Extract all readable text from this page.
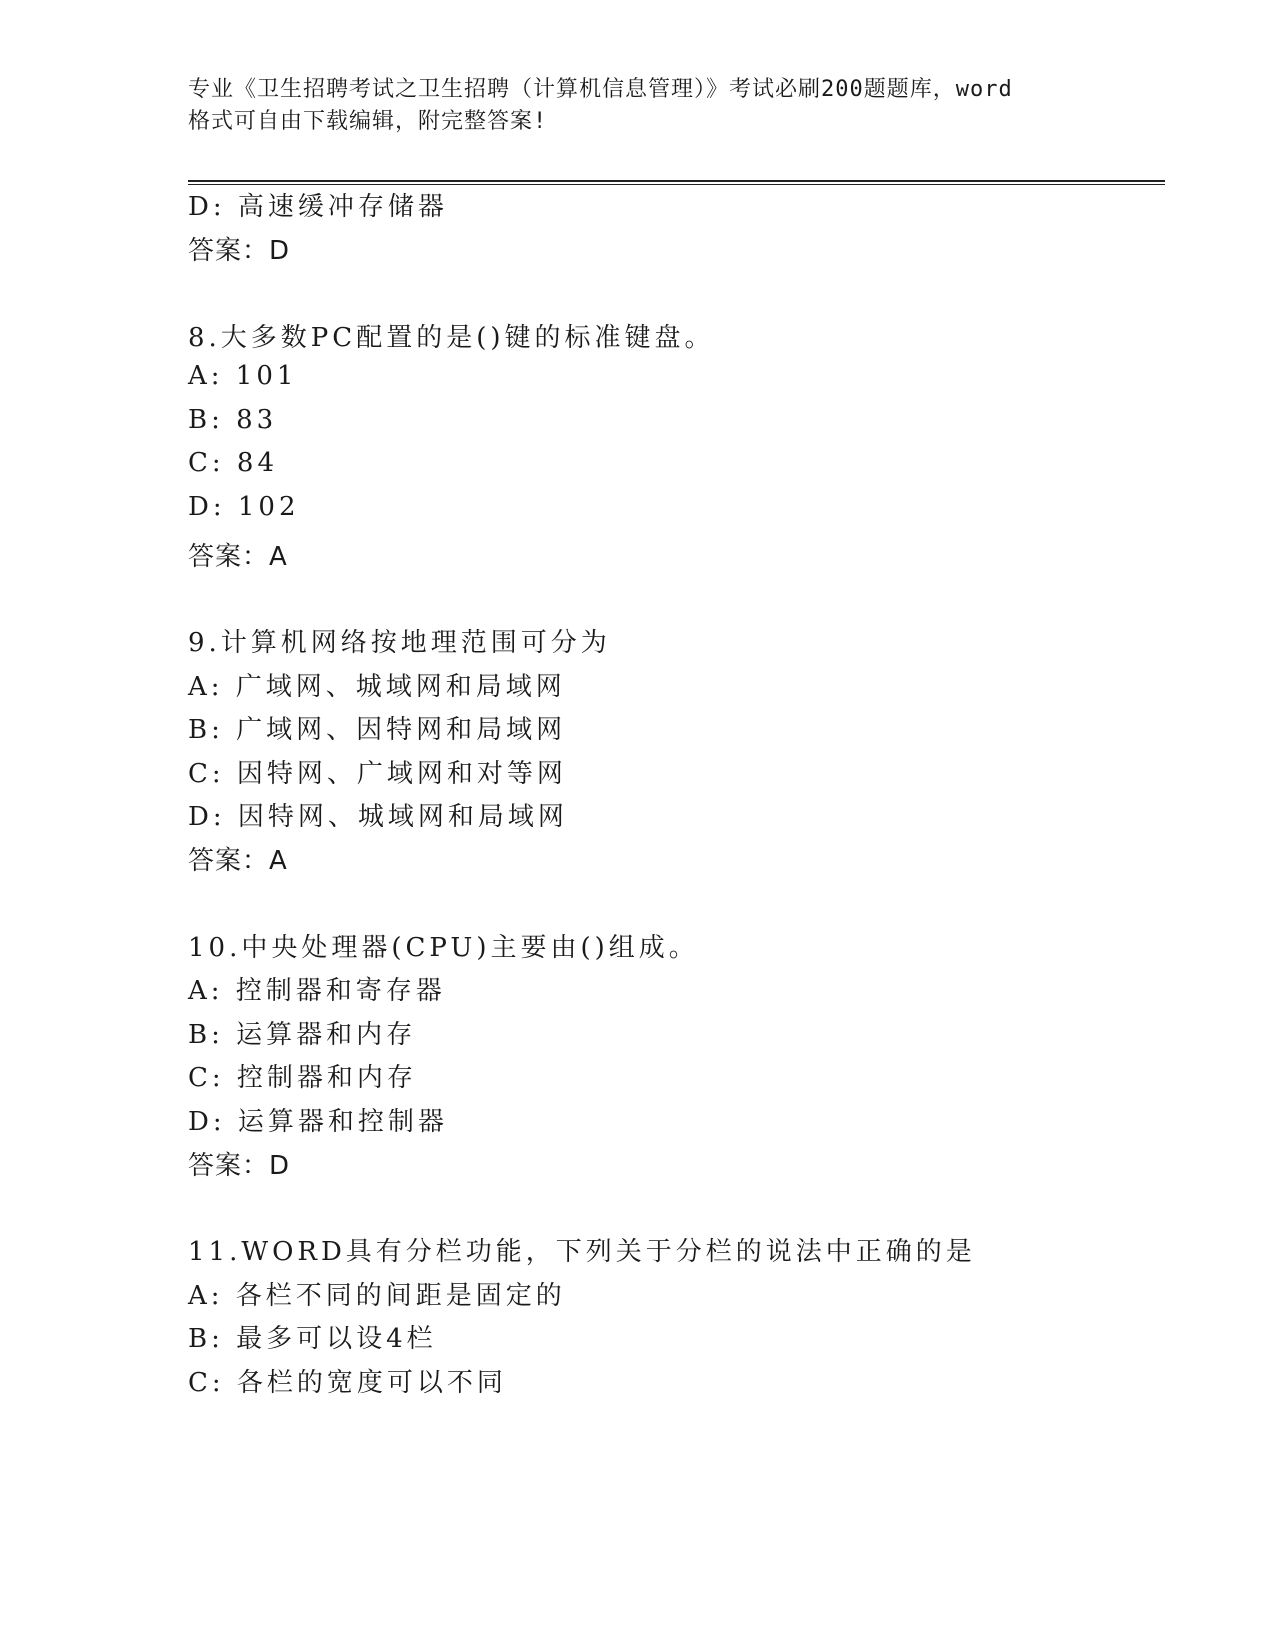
专业《卫生招聘考试之卫生招聘（计算机信息管理）》考试必刷200题题库，word
格式可自由下载编辑，附完整答案!
D: 高速缓冲存储器
答案：D
8.大多数PC配置的是()键的标准键盘。
A: 101
B: 83
C: 84
D: 102
答案：A
9.计算机网络按地理范围可分为
A: 广域网、城域网和局域网
B: 广域网、因特网和局域网
C: 因特网、广域网和对等网
D: 因特网、城域网和局域网
答案：A
10.中央处理器(CPU)主要由()组成。
A: 控制器和寄存器
B: 运算器和内存
C: 控制器和内存
D: 运算器和控制器
答案：D
11.WORD具有分栏功能，下列关于分栏的说法中正确的是
A: 各栏不同的间距是固定的
B: 最多可以设4栏
C: 各栏的宽度可以不同
